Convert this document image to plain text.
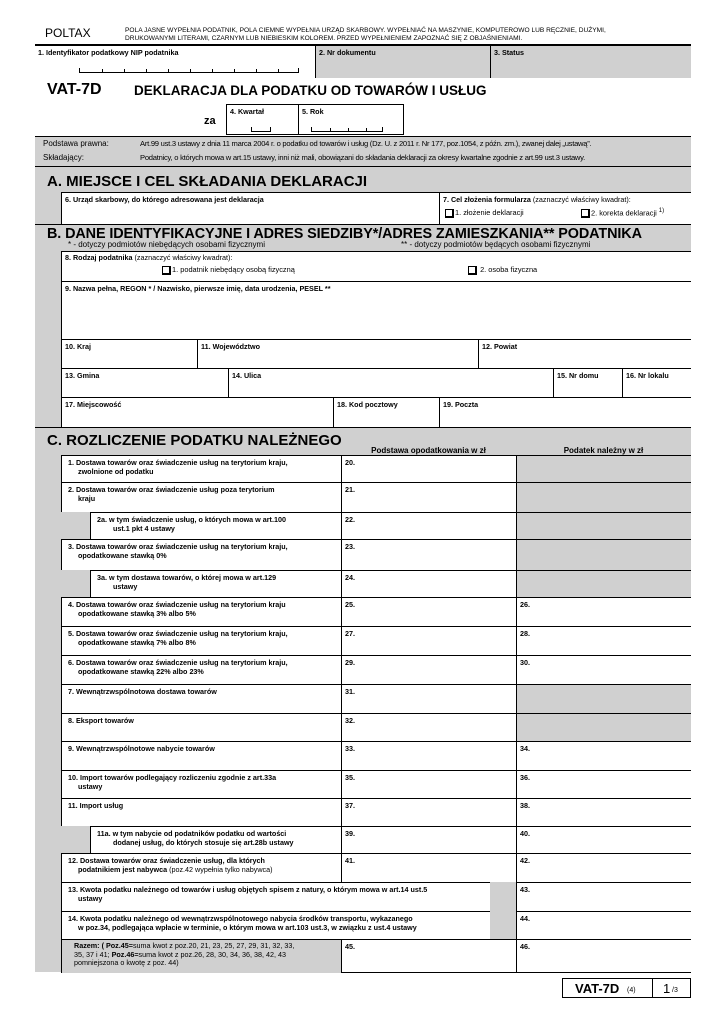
POLTAX	POLA JASNE WYPEŁNIA PODATNIK, POLA CIEMNE WYPEŁNIA URZĄD SKARBOWY. WYPEŁNIAĆ NA MASZYNIE, KOMPUTEROWO LUB RĘCZNIE, DUŻYMI,
DRUKOWANYMI LITERAMI, CZARNYM LUB NIEBIESKIM KOLOREM. PRZED WYPEŁNIENIEM ZAPOZNAĆ SIĘ Z OBJAŚNIENIAMI.
1. Identyfikator podatkowy NIP podatnika	2. Nr dokumentu	3. Status
VAT-7D DEKLARACJA DLA PODATKU OD TOWARÓW I USŁUG
za
4. Kwartał	5. Rok
Podstawa prawna:	Art.99 ust.3 ustawy z dnia 11 marca 2004 r. o podatku od towarów i usług (Dz. U. z 2011 r. Nr 177, poz.1054, z późn. zm.), zwanej dalej „ustawą”.
Składający:	Podatnicy, o których mowa w art.15 ustawy, inni niż mali, obowiązani do składania deklaracji za okresy kwartalne zgodnie z art.99 ust.3 ustawy.
A. MIEJSCE I CEL SKŁADANIA DEKLARACJI
6. Urząd skarbowy, do którego adresowana jest deklaracja	7. Cel złożenia formularza (zaznaczyć właściwy kwadrat):
1. złożenie deklaracji	2. korekta deklaracji $^{1)}$
B. DANE IDENTYFIKACYJNE I ADRES SIEDZIBY*/ADRES ZAMIESZKANIA** PODATNIKA
* - dotyczy podmiotów niebędących osobami fizycznymi	** - dotyczy podmiotów będących osobami fizycznymi
8. Rodzaj podatnika (zaznaczyć właściwy kwadrat):
1. podatnik niebędący osobą fizyczną	2. osoba fizyczna
9. Nazwa pełna, REGON * / Nazwisko, pierwsze imię, data urodzenia, PESEL **
10. Kraj	11. Województwo	12. Powiat
13. Gmina	14. Ulica	15. Nr domu	16. Nr lokalu
17. Miejscowość	18. Kod pocztowy	19. Poczta
C. ROZLICZENIE PODATKU NALEŻNEGO
Podstawa opodatkowania w zł	Podatek należny w zł
1. Dostawa towarów oraz świadczenie usług na terytorium kraju,
zwolnione od podatku
20.
2. Dostawa towarów oraz świadczenie usług poza terytorium
kraju
21.
2a. w tym świadczenie usług, o których mowa w art.100
ust.1 pkt 4 ustawy
22.
3. Dostawa towarów oraz świadczenie usług na terytorium kraju,
opodatkowane stawką 0%
23.
3a. w tym dostawa towarów, o której mowa w art.129
ustawy
24.
4. Dostawa towarów oraz świadczenie usług na terytorium kraju
opodatkowane stawką 3% albo 5%
25.	26.
5. Dostawa towarów oraz świadczenie usług na terytorium kraju,
opodatkowane stawką 7% albo 8%
27.	28.
6. Dostawa towarów oraz świadczenie usług na terytorium kraju,
opodatkowane stawką 22% albo 23%
29.	30.
7. Wewnątrzwspólnotowa dostawa towarów	31.
8. Eksport towarów	32.
9. Wewnątrzwspólnotowe nabycie towarów	33.	34.
10. Import towarów podlegający rozliczeniu zgodnie z art.33a
ustawy
35.	36.
11. Import usług	37.	38.
11a. w tym nabycie od podatników podatku od wartości
dodanej usług, do których stosuje się art.28b ustawy
39.	40.
12. Dostawa towarów oraz świadczenie usług, dla których
podatnikiem jest nabywca (poz.42 wypełnia tylko nabywca)
41.	42.
13. Kwota podatku należnego od towarów i usług objętych spisem z natury, o którym mowa w art.14 ust.5
ustawy
43.
14. Kwota podatku należnego od wewnątrzwspólnotowego nabycia środków transportu, wykazanego
w poz.34, podlegająca wpłacie w terminie, o którym mowa w art.103 ust.3, w związku z ust.4 ustawy
44.
Razem: ( Poz.45=suma kwot z poz.20, 21, 23, 25, 27, 29, 31, 32, 33,
35, 37 i 41; Poz.46=suma kwot z poz.26, 28, 30, 34, 36, 38, 42, 43
pomniejszona o kwotę z poz. 44)
45.	46.
VAT-7D (4) 1 /3
